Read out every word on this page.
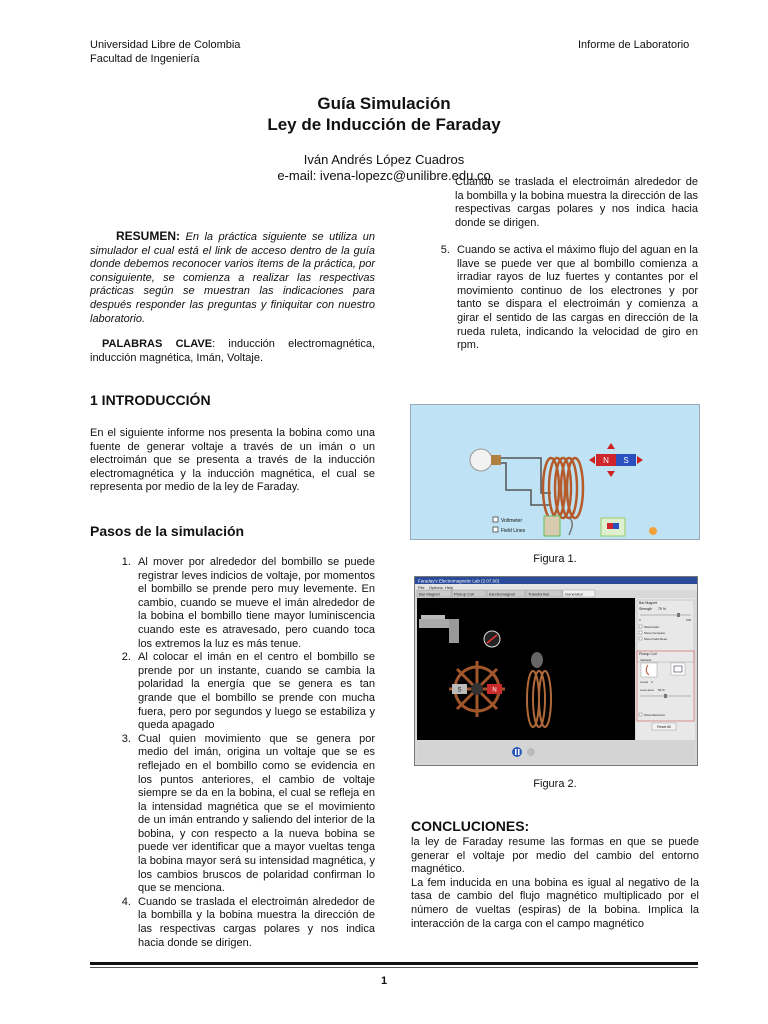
Universidad Libre de Colombia
Facultad de Ingeniería
Informe de Laboratorio
Guía Simulación
Ley de Inducción de Faraday
Iván Andrés López Cuadros
e-mail: ivena-lopezc@unilibre.edu.co

RESUMEN: En la práctica siguiente se utiliza un simulador el cual está el link de acceso dentro de la guía donde debemos reconocer varios ítems de la práctica, por consiguiente, se comienza a realizar las respectivas prácticas según se muestran las indicaciones para después responder las preguntas y finiquitar con nuestro laboratorio.

PALABRAS CLAVE: inducción electromagnética, inducción magnética, Imán, Voltaje.

1 INTRODUCCIÓN
En el siguiente informe nos presenta la bobina como una fuente de generar voltaje a través de un imán o un electroimán que se presenta a través de la inducción electromagnética y la inducción magnética, el cual se representa por medio de la ley de Faraday.
Pasos de la simulación
1. Al mover por alrededor del bombillo se puede registrar leves indicios de voltaje, por momentos el bombillo se prende pero muy levemente. En cambio, cuando se mueve el imán alrededor de la bobina el bombillo tiene mayor luminiscencia cuando este es atravesado, pero cuando toca los extremos la luz es más tenue.
2. Al colocar el imán en el centro el bombillo se prende por un instante, cuando se cambia la polaridad la energía que se genera es tan grande que el bombillo se prende con mucha fuera, pero por segundos y luego se estabiliza y queda apagado
3. Cual quien movimiento que se genera por medio del imán, origina un voltaje que se es reflejado en el bombillo como se evidencia en los puntos anteriores, el cambio de voltaje siempre se da en la bobina, el cual se refleja en la intensidad magnética que se el movimiento de un imán entrando y saliendo del interior de la bobina, y con respecto a la nueva bobina se puede ver identificar que a mayor vueltas tenga la bobina mayor será su intensidad magnética, y los cambios bruscos de polaridad confirman lo que se menciona.
4. Cuando se traslada el electroimán alrededor de la bombilla y la bobina muestra la dirección de las respectivas cargas polares y nos indica hacia donde se dirigen.
Cuando se traslada el electroimán alrededor de la bombilla y la bobina muestra la dirección de las respectivas cargas polares y nos indica hacia donde se dirigen.
5. Cuando se activa el máximo flujo del aguan en la llave se puede ver que al bombillo comienza a irradiar rayos de luz fuertes y contantes por el movimiento continuo de los electrones y por tanto se dispara el electroimán y comienza a girar el sentido de las cargas en dirección de la rueda ruleta, indicando la velocidad de giro en rpm.
N S
Voltmeter
Field Lines
Figura 1.
Faraday's Electromagnetic Lab (2.07.00)
File Options Help
Bar Magnet	Pickup Coil	Electromagnet	Transformer	Generator
S	N
Bar Magnet
Strength 75 %
0	100
Show Field
Show Compass
Show Field Meter
Pickup Coil
Indicator
Loops 3
Loop area 50 %
Show Electrons
Reset All
Figura 2.
CONCLUCIONES:

la ley de Faraday resume las formas en que se puede generar el voltaje por medio del cambio del entorno magnético.

La fem inducida en una bobina es igual al negativo de la tasa de cambio del flujo magnético multiplicado por el número de vueltas (espiras) de la bobina. Implica la interacción de la carga con el campo magnético

1
